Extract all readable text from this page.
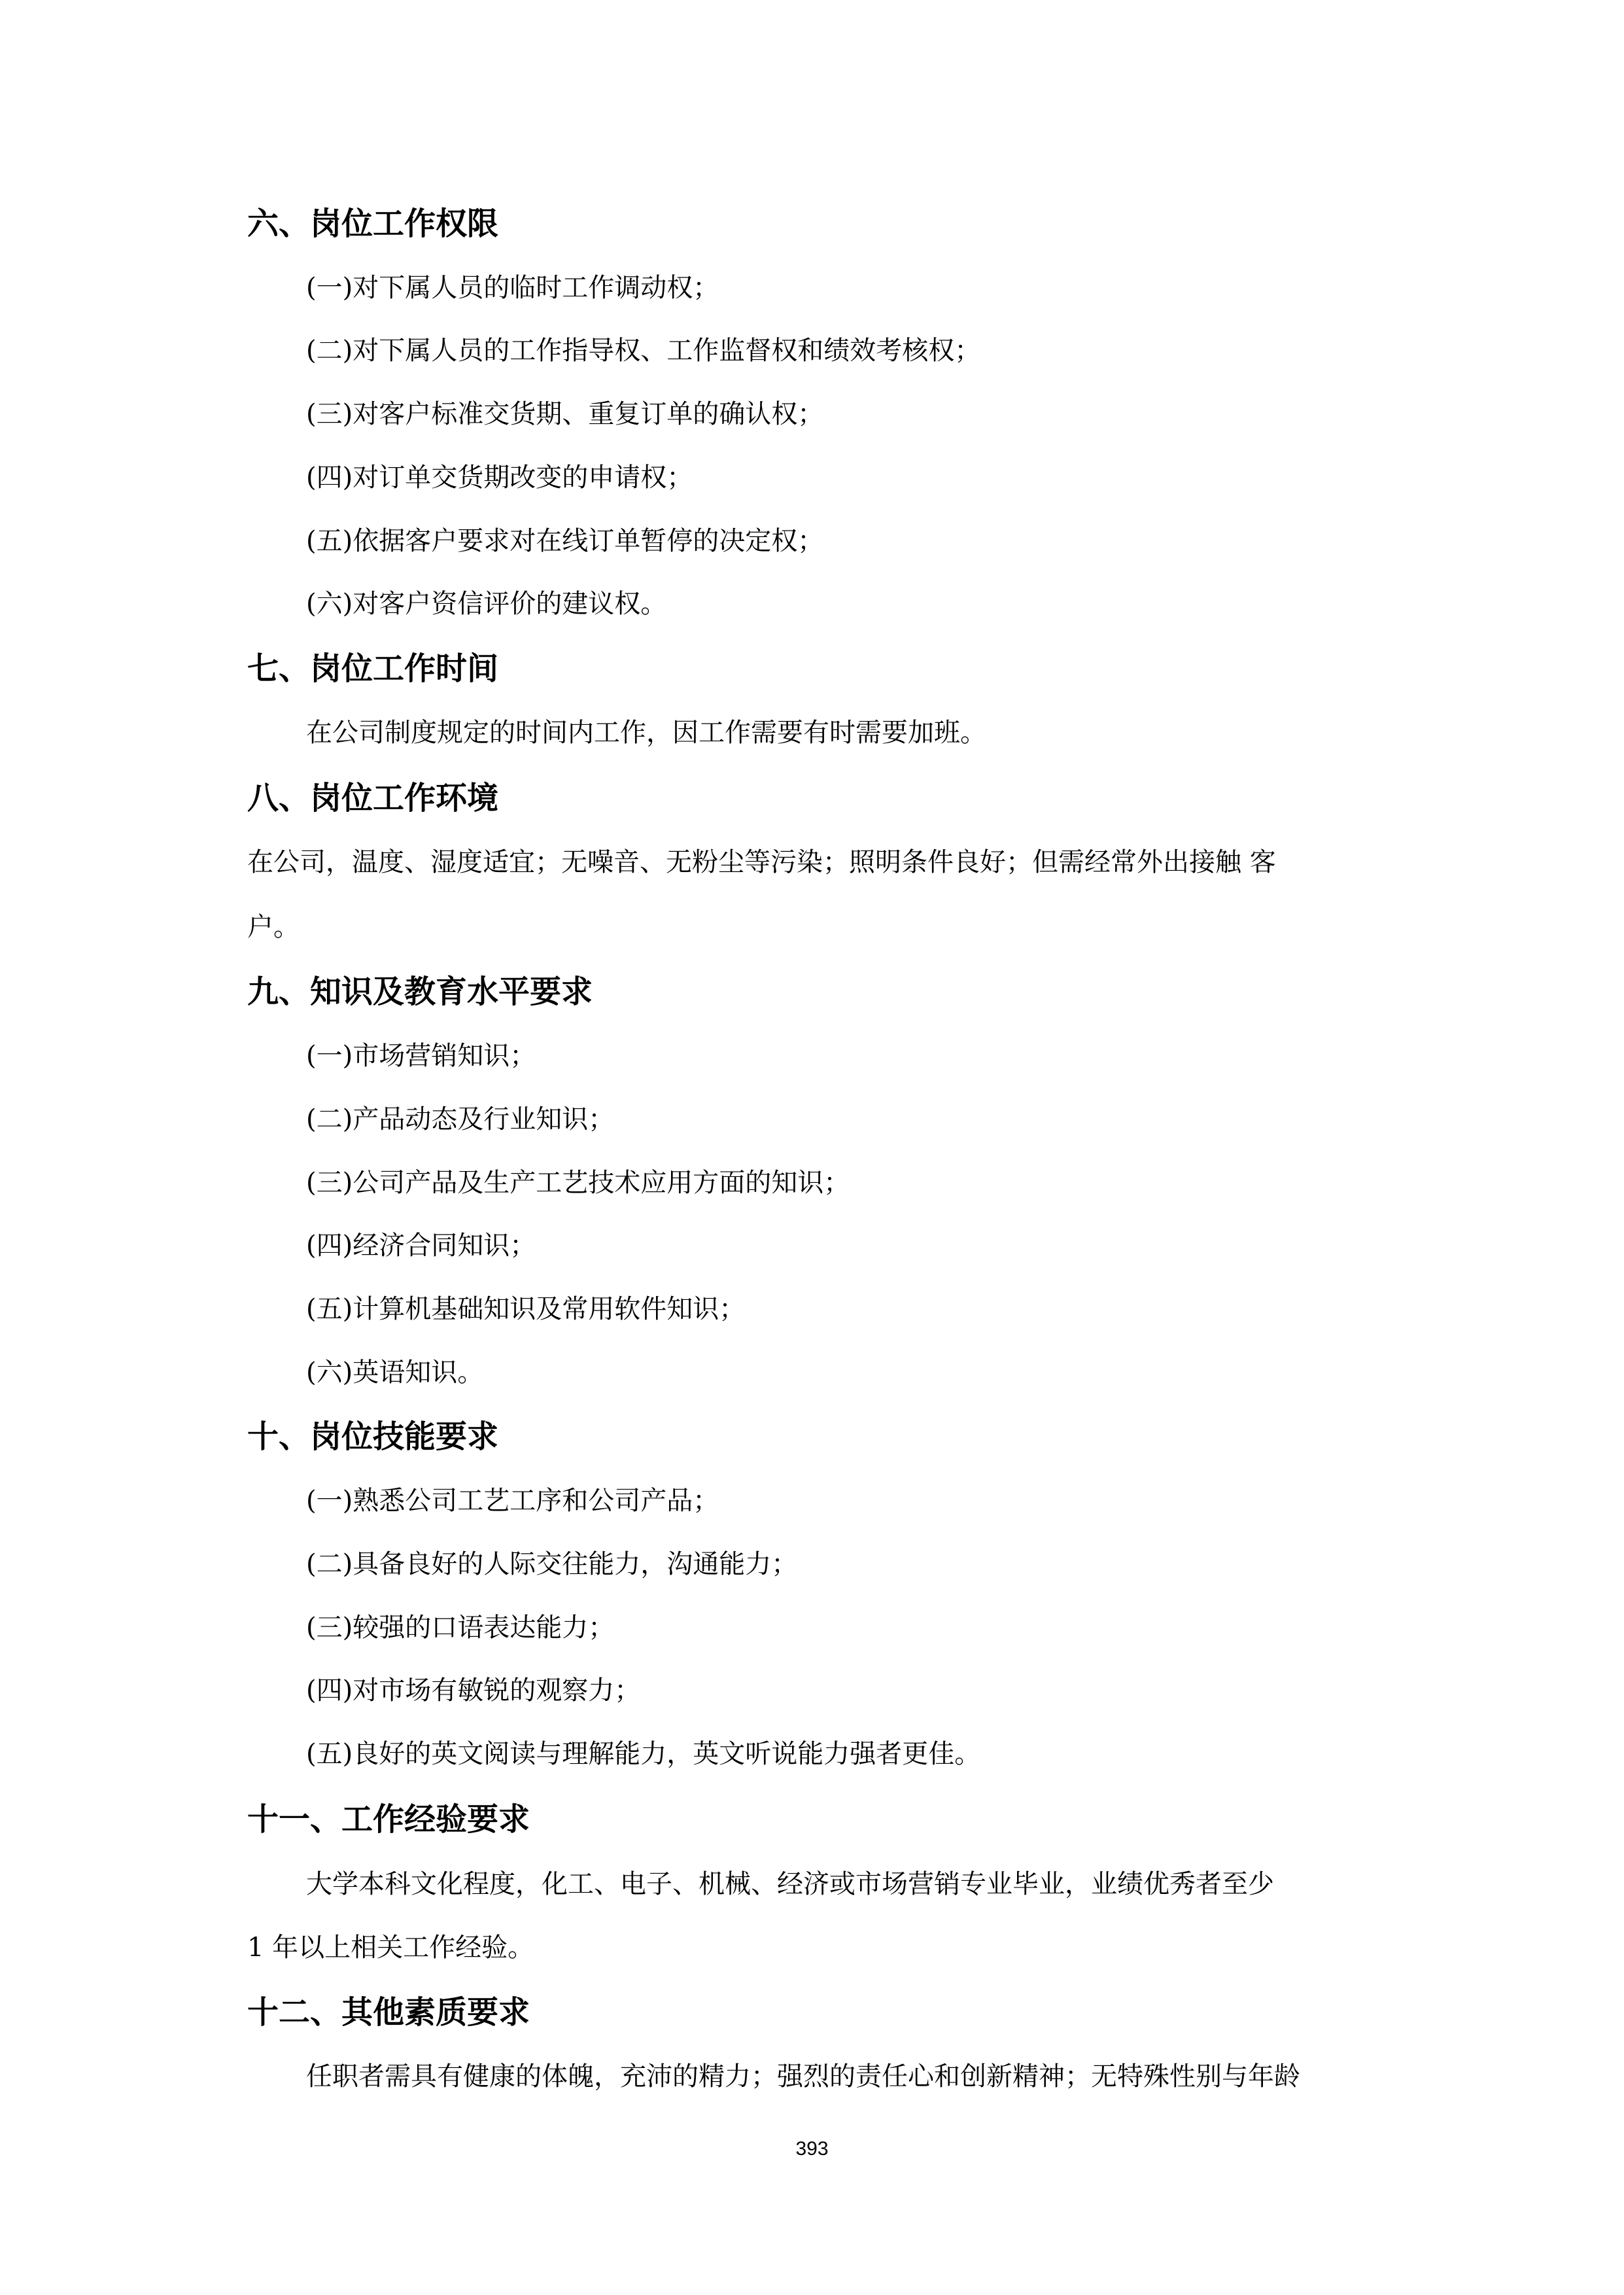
六、岗位工作权限
(一)对下属人员的临时工作调动权；
(二)对下属人员的工作指导权、工作监督权和绩效考核权；
(三)对客户标准交货期、重复订单的确认权；
(四)对订单交货期改变的申请权；
(五)依据客户要求对在线订单暂停的决定权；
(六)对客户资信评价的建议权。
七、岗位工作时间
在公司制度规定的时间内工作，因工作需要有时需要加班。
八、岗位工作环境
在公司，温度、湿度适宜；无噪音、无粉尘等污染；照明条件良好；但需经常外出接触 客
户。
九、知识及教育水平要求
(一)市场营销知识；
(二)产品动态及行业知识；
(三)公司产品及生产工艺技术应用方面的知识；
(四)经济合同知识；
(五)计算机基础知识及常用软件知识；
(六)英语知识。
十、岗位技能要求
(一)熟悉公司工艺工序和公司产品；
(二)具备良好的人际交往能力，沟通能力；
(三)较强的口语表达能力；
(四)对市场有敏锐的观察力；
(五)良好的英文阅读与理解能力，英文听说能力强者更佳。
十一、工作经验要求
大学本科文化程度，化工、电子、机械、经济或市场营销专业毕业，业绩优秀者至少
1 年以上相关工作经验。
十二、其他素质要求
任职者需具有健康的体魄，充沛的精力；强烈的责任心和创新精神；无特殊性别与年龄
393
